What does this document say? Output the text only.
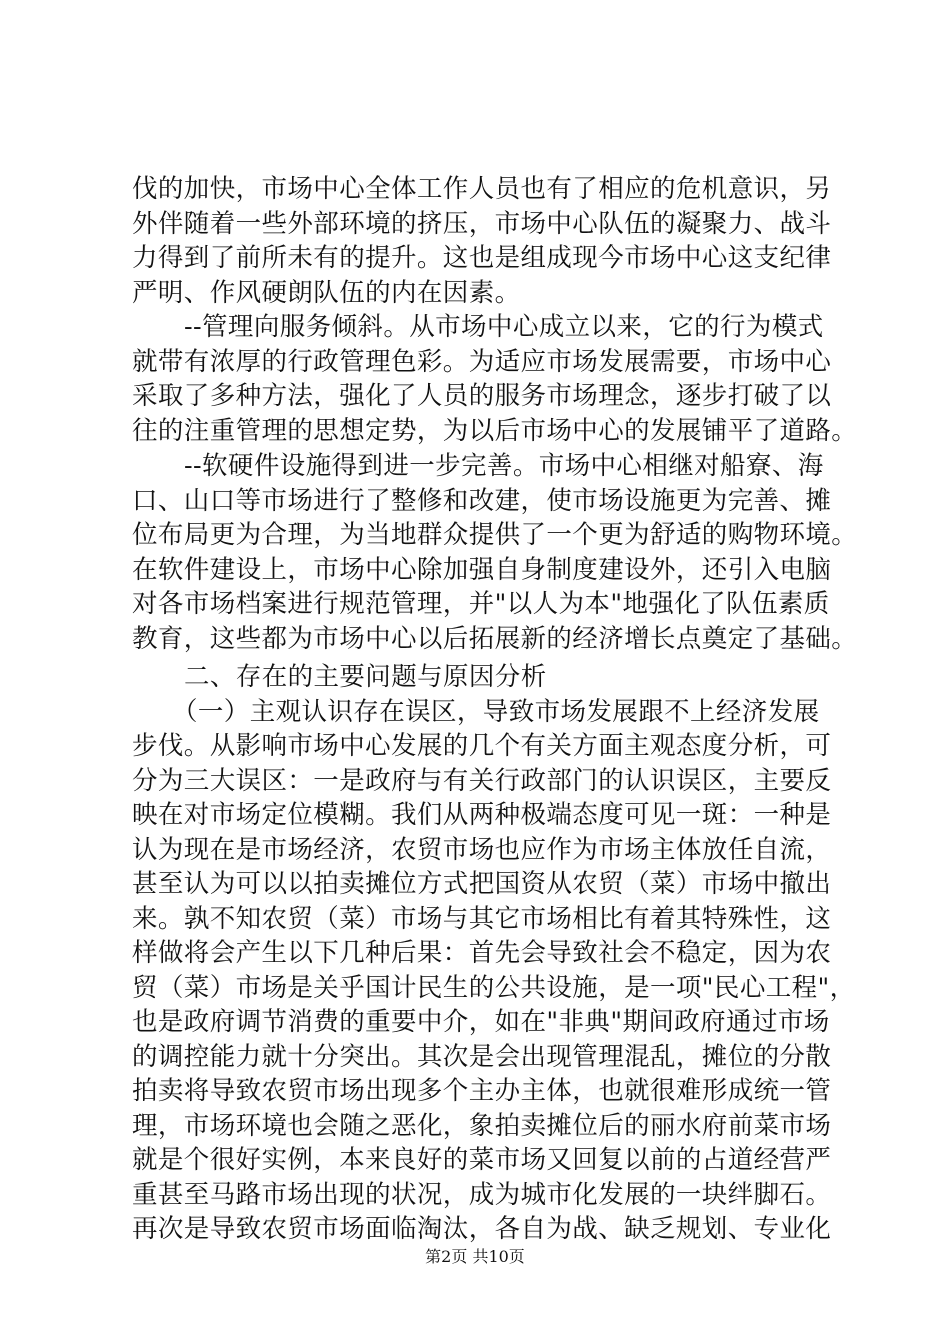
伐的加快，市场中心全体工作人员也有了相应的危机意识，另
外伴随着一些外部环境的挤压，市场中心队伍的凝聚力、战斗
力得到了前所未有的提升。这也是组成现今市场中心这支纪律
严明、作风硬朗队伍的内在因素。
--管理向服务倾斜。从市场中心成立以来，它的行为模式
就带有浓厚的行政管理色彩。为适应市场发展需要，市场中心
采取了多种方法，强化了人员的服务市场理念，逐步打破了以
往的注重管理的思想定势，为以后市场中心的发展铺平了道路。
--软硬件设施得到进一步完善。市场中心相继对船寮、海
口、山口等市场进行了整修和改建，使市场设施更为完善、摊
位布局更为合理，为当地群众提供了一个更为舒适的购物环境。
在软件建设上，市场中心除加强自身制度建设外，还引入电脑
对各市场档案进行规范管理，并"以人为本"地强化了队伍素质
教育，这些都为市场中心以后拓展新的经济增长点奠定了基础。
二、存在的主要问题与原因分析
（一）主观认识存在误区，导致市场发展跟不上经济发展
步伐。从影响市场中心发展的几个有关方面主观态度分析，可
分为三大误区：一是政府与有关行政部门的认识误区，主要反
映在对市场定位模糊。我们从两种极端态度可见一斑：一种是
认为现在是市场经济，农贸市场也应作为市场主体放任自流，
甚至认为可以以拍卖摊位方式把国资从农贸（菜）市场中撤出
来。孰不知农贸（菜）市场与其它市场相比有着其特殊性，这
样做将会产生以下几种后果：首先会导致社会不稳定，因为农
贸（菜）市场是关乎国计民生的公共设施，是一项"民心工程"，
也是政府调节消费的重要中介，如在"非典"期间政府通过市场
的调控能力就十分突出。其次是会出现管理混乱，摊位的分散
拍卖将导致农贸市场出现多个主办主体，也就很难形成统一管
理，市场环境也会随之恶化，象拍卖摊位后的丽水府前菜市场
就是个很好实例，本来良好的菜市场又回复以前的占道经营严
重甚至马路市场出现的状况，成为城市化发展的一块绊脚石。
再次是导致农贸市场面临淘汰，各自为战、缺乏规划、专业化
第2页 共10页
